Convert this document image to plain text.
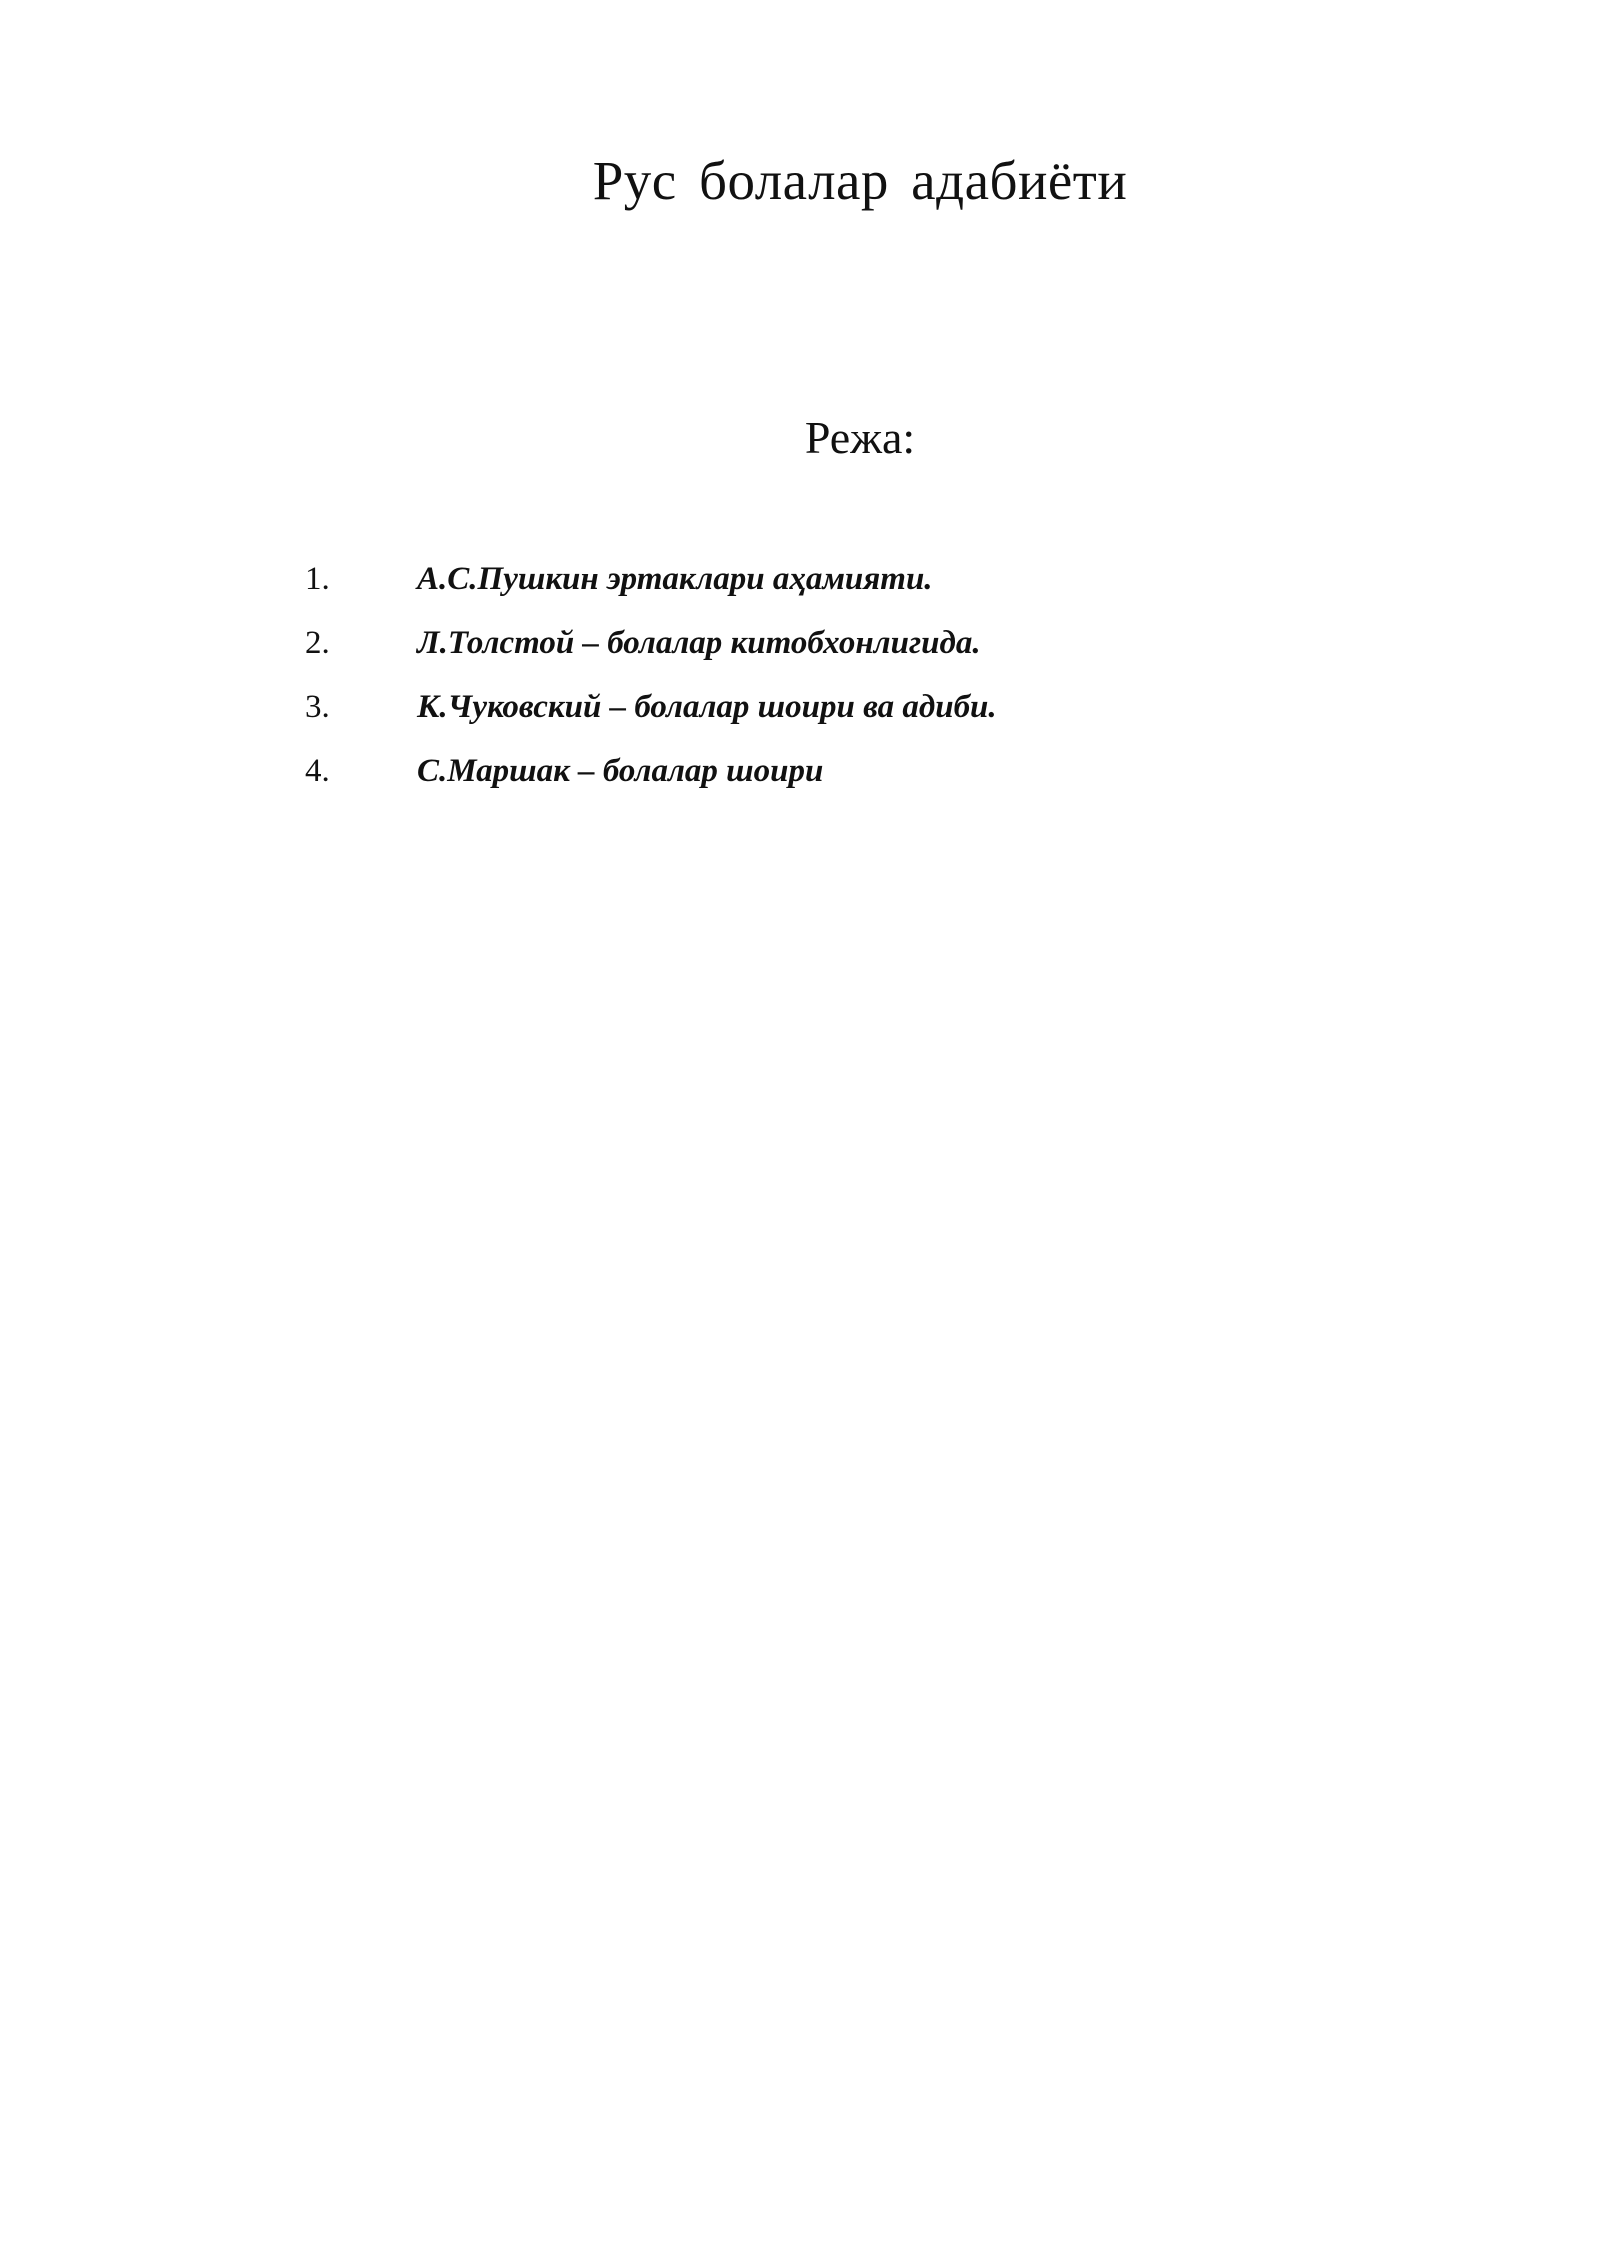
Рус болалар адабиёти
Режа:
1.	А.С.Пушкин эртаклари аҳамияти.
2.	Л.Толстой – болалар китобхонлигида.
3.	К.Чуковский – болалар шоири ва адиби.
4.	С.Маршак – болалар шоири
